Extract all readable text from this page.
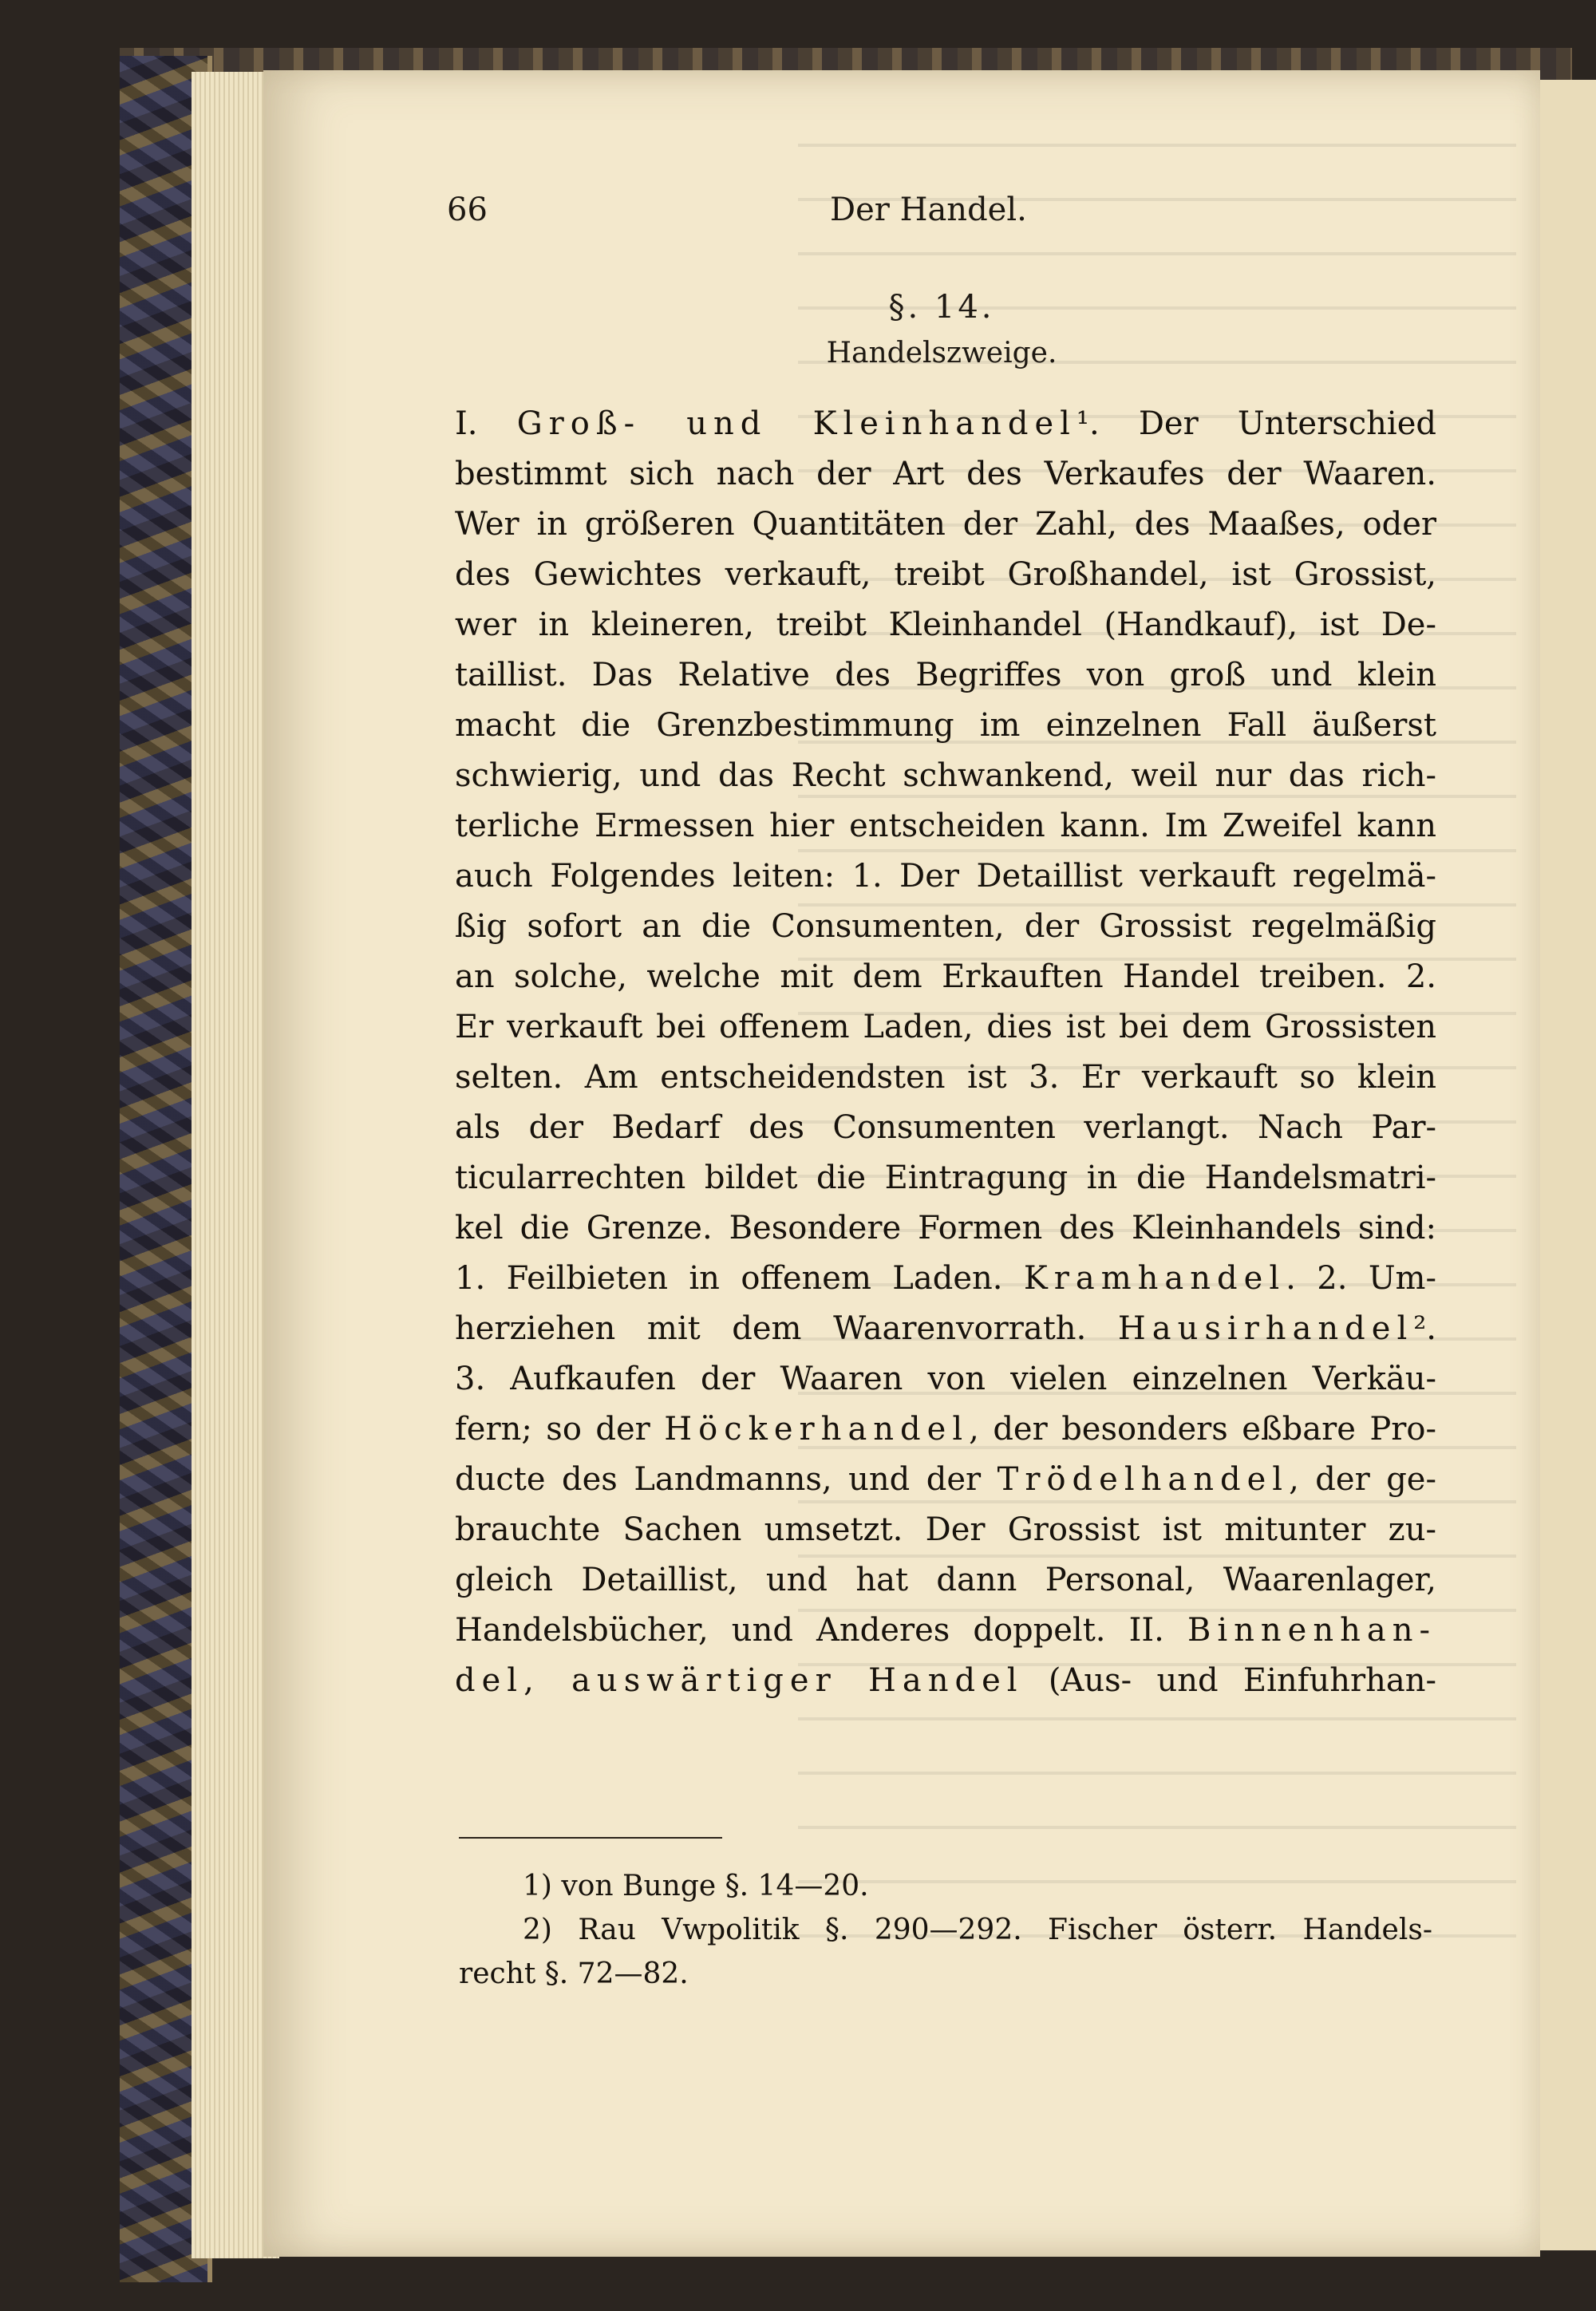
66	Der Handel.
§. 14.
Handelszweige.
I. Groß- und Kleinhandel¹. Der Unterschied
bestimmt sich nach der Art des Verkaufes der Waaren.
Wer in größeren Quantitäten der Zahl, des Maaßes, oder
des Gewichtes verkauft, treibt Großhandel, ist Grossist,
wer in kleineren, treibt Kleinhandel (Handkauf), ist De-
taillist. Das Relative des Begriffes von groß und klein
macht die Grenzbestimmung im einzelnen Fall äußerst
schwierig, und das Recht schwankend, weil nur das rich-
terliche Ermessen hier entscheiden kann. Im Zweifel kann
auch Folgendes leiten: 1. Der Detaillist verkauft regelmä-
ßig sofort an die Consumenten, der Grossist regelmäßig
an solche, welche mit dem Erkauften Handel treiben. 2.
Er verkauft bei offenem Laden, dies ist bei dem Grossisten
selten. Am entscheidendsten ist 3. Er verkauft so klein
als der Bedarf des Consumenten verlangt. Nach Par-
ticularrechten bildet die Eintragung in die Handelsmatri-
kel die Grenze. Besondere Formen des Kleinhandels sind:
1. Feilbieten in offenem Laden. Kramhandel. 2. Um-
herziehen mit dem Waarenvorrath. Hausirhandel².
3. Aufkaufen der Waaren von vielen einzelnen Verkäu-
fern; so der Höckerhandel, der besonders eßbare Pro-
ducte des Landmanns, und der Trödelhandel, der ge-
brauchte Sachen umsetzt. Der Grossist ist mitunter zu-
gleich Detaillist, und hat dann Personal, Waarenlager,
Handelsbücher, und Anderes doppelt. II. Binnenhan-
del, auswärtiger Handel (Aus- und Einfuhrhan-
1) von Bunge §. 14—20.
2) Rau Vwpolitik §. 290—292. Fischer österr. Handels-
recht §. 72—82.
